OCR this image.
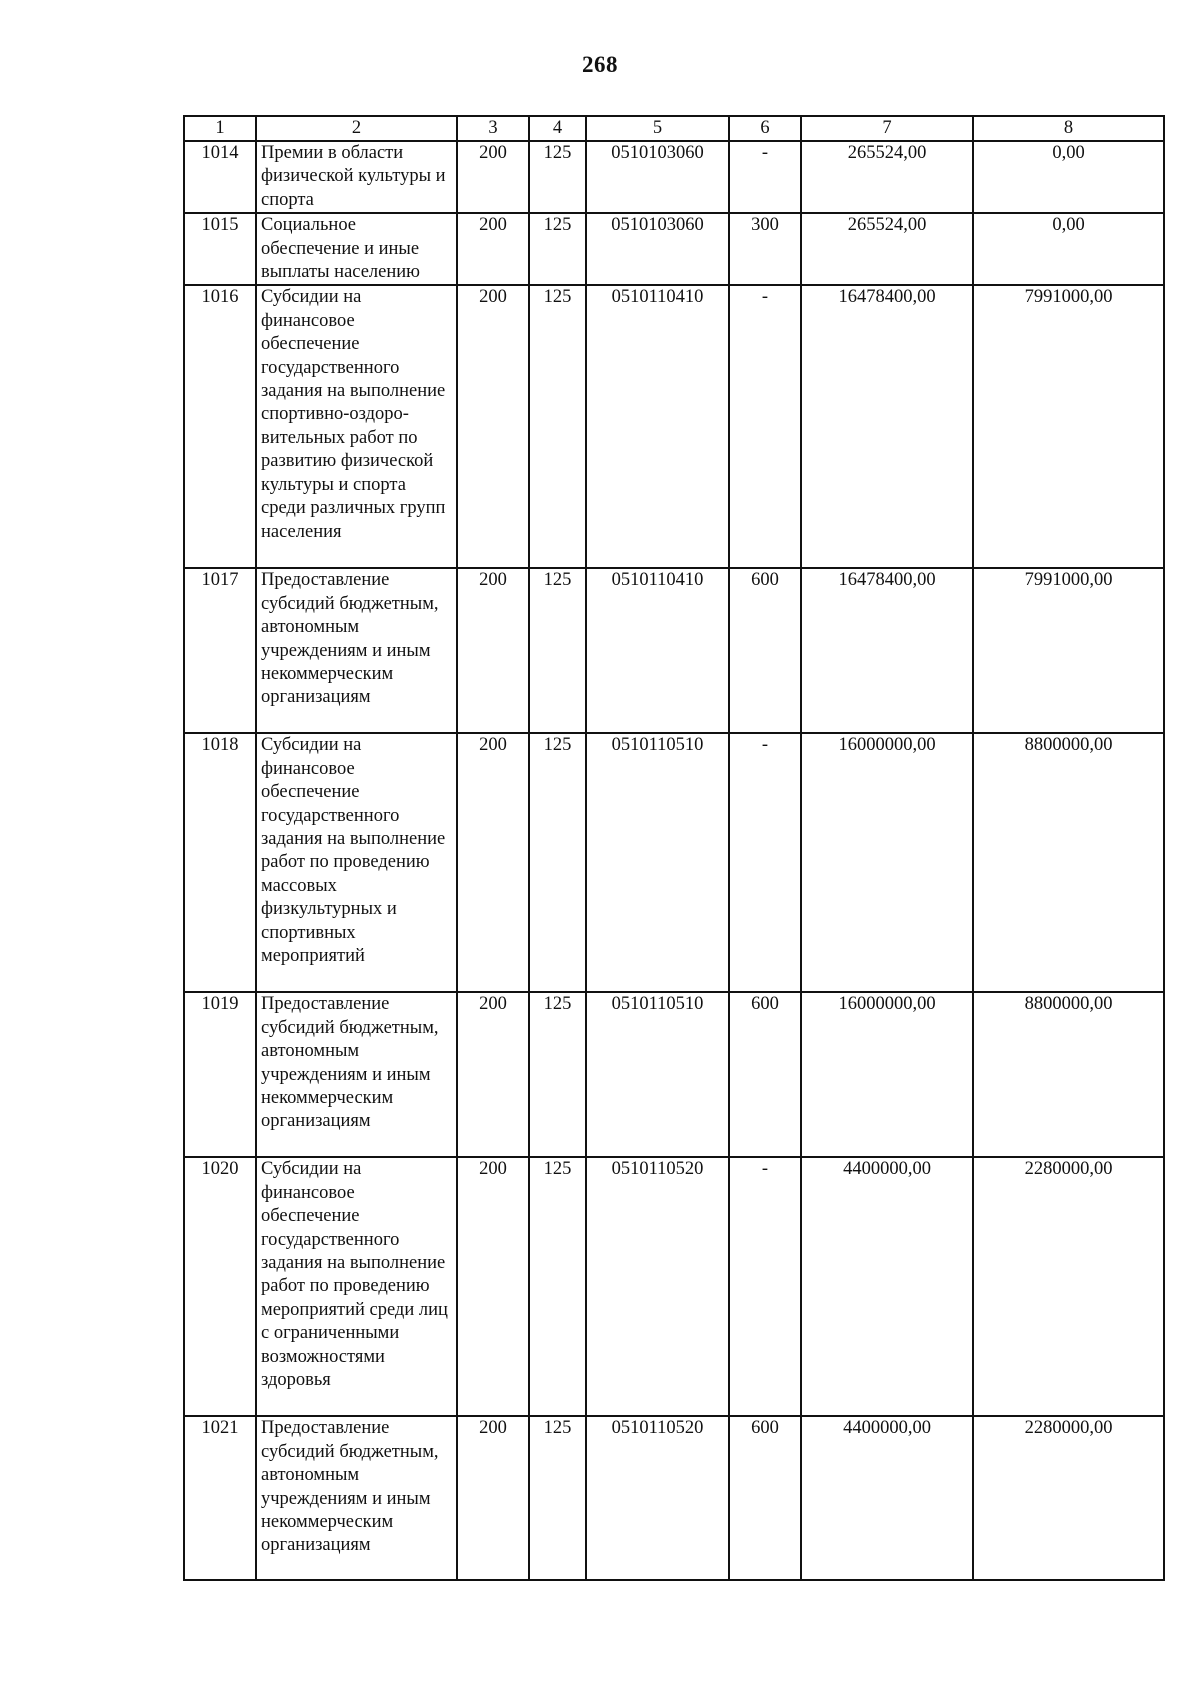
268
1	2	3	4	5	6	7	8
1014	Премии в области физической культуры и спорта	200	125	0510103060	-	265524,00	0,00
1015	Социальное обеспечение и иные выплаты населению	200	125	0510103060	300	265524,00	0,00
1016	Субсидии на финансовое обеспечение государственного задания на выполнение спортивно-оздоро-вительных работ по развитию физической культуры и спорта среди различных групп населения	200	125	0510110410	-	16478400,00	7991000,00
1017	Предоставление субсидий бюджетным, автономным учреждениям и иным некоммерческим организациям	200	125	0510110410	600	16478400,00	7991000,00
1018	Субсидии на финансовое обеспечение государственного задания на выполнение работ по проведению массовых физкультурных и спортивных мероприятий	200	125	0510110510	-	16000000,00	8800000,00
1019	Предоставление субсидий бюджетным, автономным учреждениям и иным некоммерческим организациям	200	125	0510110510	600	16000000,00	8800000,00
1020	Субсидии на финансовое обеспечение государственного задания на выполнение работ по проведению мероприятий среди лиц с ограниченными возможностями здоровья	200	125	0510110520	-	4400000,00	2280000,00
1021	Предоставление субсидий бюджетным, автономным учреждениям и иным некоммерческим организациям	200	125	0510110520	600	4400000,00	2280000,00
